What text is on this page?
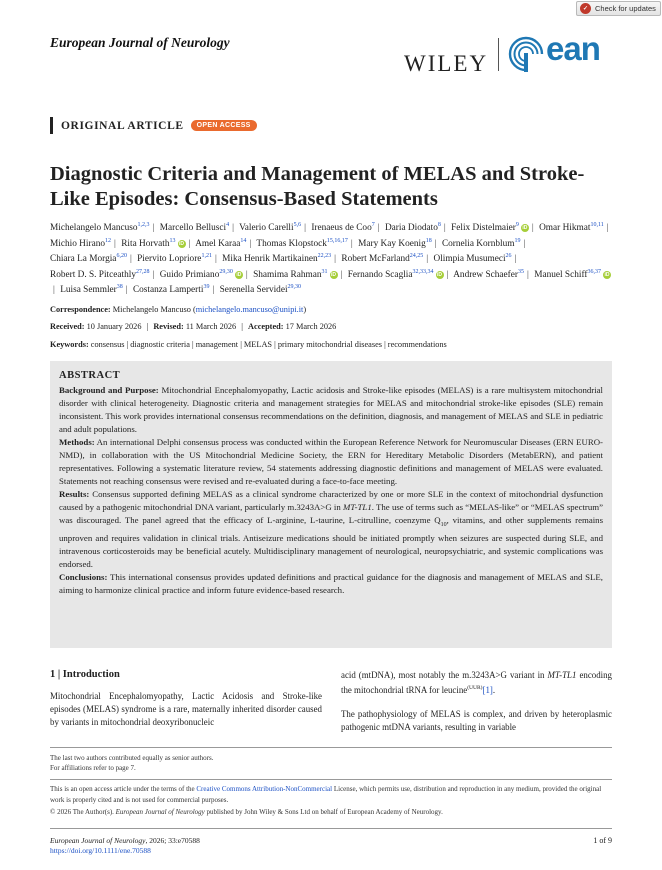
✓ Check for updates
European Journal of Neurology
WILEY ean
ORIGINAL ARTICLE	OPEN ACCESS
Diagnostic Criteria and Management of MELAS and Stroke-Like Episodes: Consensus-Based Statements
Michelangelo Mancuso$^{1,2,3}$ | Marcello Bellusci$^4$ | Valerio Carelli$^{5,6}$ | Irenaeus de Coo$^7$ | Daria Diodato$^8$ | Felix Distelmaier$^9$iD | Omar Hikmat$^{10,11}$ | Michio Hirano$^{12}$ | Rita Horvath$^{13}$iD | Amel Karaa$^{14}$ | Thomas Klopstock$^{15,16,17}$ | Mary Kay Koenig$^{18}$ | Cornelia Kornblum$^{19}$ | Chiara La Morgia$^{6,20}$ | Piervito Lopriore$^{1,21}$ | Mika Henrik Martikainen$^{22,23}$ | Robert McFarland$^{24,25}$ | Olimpia Musumeci$^{26}$ | Robert D. S. Pitceathly$^{27,28}$ | Guido Primiano$^{29,30}$iD | Shamima Rahman$^{31}$iD | Fernando Scaglia$^{32,33,34}$iD | Andrew Schaefer$^{35}$ | Manuel Schiff$^{36,37}$iD| Luisa Semmler$^{38}$ | Costanza Lamperti$^{39}$ | Serenella Servidei$^{29,30}$
Correspondence: Michelangelo Mancuso (michelangelo.mancuso@unipi.it)
Received: 10 January 2026 | Revised: 11 March 2026 | Accepted: 17 March 2026
Keywords: consensus | diagnostic criteria | management | MELAS | primary mitochondrial diseases | recommendations
ABSTRACT

Background and Purpose: Mitochondrial Encephalomyopathy, Lactic acidosis and Stroke-like episodes (MELAS) is a rare multisystem mitochondrial disorder with clinical heterogeneity. Diagnostic criteria and management strategies for MELAS and mitochondrial stroke-like episodes (SLE) remain inconsistent. This work provides international consensus recommendations on the definition, diagnosis, and management of MELAS and SLE in pediatric and adult populations.

Methods: An international Delphi consensus process was conducted within the European Reference Network for Neuromuscular Diseases (ERN EURO-NMD), in collaboration with the US Mitochondrial Medicine Society, the ERN for Hereditary Metabolic Disorders (MetabERN), and patient representatives. Following a systematic literature review, 54 statements addressing diagnostic definitions and management of MELAS were evaluated. Statements not reaching consensus were revised and re-evaluated during a face-to-face meeting.

Results: Consensus supported defining MELAS as a clinical syndrome characterized by one or more SLE in the context of mitochondrial dysfunction caused by a pathogenic mitochondrial DNA variant, particularly m.3243A>G in MT-TL1. The use of terms such as “MELAS-like” or “MELAS spectrum” was discouraged. The panel agreed that the efficacy of L-arginine, L-taurine, L-citrulline, coenzyme $Q_{10}$, vitamins, and other supplements remains unproven and requires validation in clinical trials. Antiseizure medications should be initiated promptly when seizures are suspected during SLE, and intravenous corticosteroids may be beneficial acutely. Multidisciplinary management of neurological, neuropsychiatric, and systemic complications was endorsed.

Conclusions: This international consensus provides updated definitions and practical guidance for the diagnosis and management of MELAS and SLE, aiming to harmonize clinical practice and inform future evidence-based research.

1 | Introduction
Mitochondrial Encephalomyopathy, Lactic Acidosis and Stroke-like episodes (MELAS) syndrome is a rare, maternally inherited disorder caused by variants in mitochondrial deoxyribonucleic
acid (mtDNA), most notably the m.3243A>G variant in MT-TL1 encoding the mitochondrial tRNA for leucine$^{(UUR)}$[1].
The pathophysiology of MELAS is complex, and driven by heteroplasmic pathogenic mtDNA variants, resulting in variable
The last two authors contributed equally as senior authors.
For affiliations refer to page 7.
This is an open access article under the terms of the Creative Commons Attribution-NonCommercial License, which permits use, distribution and reproduction in any medium, provided the original work is properly cited and is not used for commercial purposes.
© 2026 The Author(s). European Journal of Neurology published by John Wiley & Sons Ltd on behalf of European Academy of Neurology.
European Journal of Neurology, 2026; 33:e70588
https://doi.org/10.1111/ene.70588
1 of 9
